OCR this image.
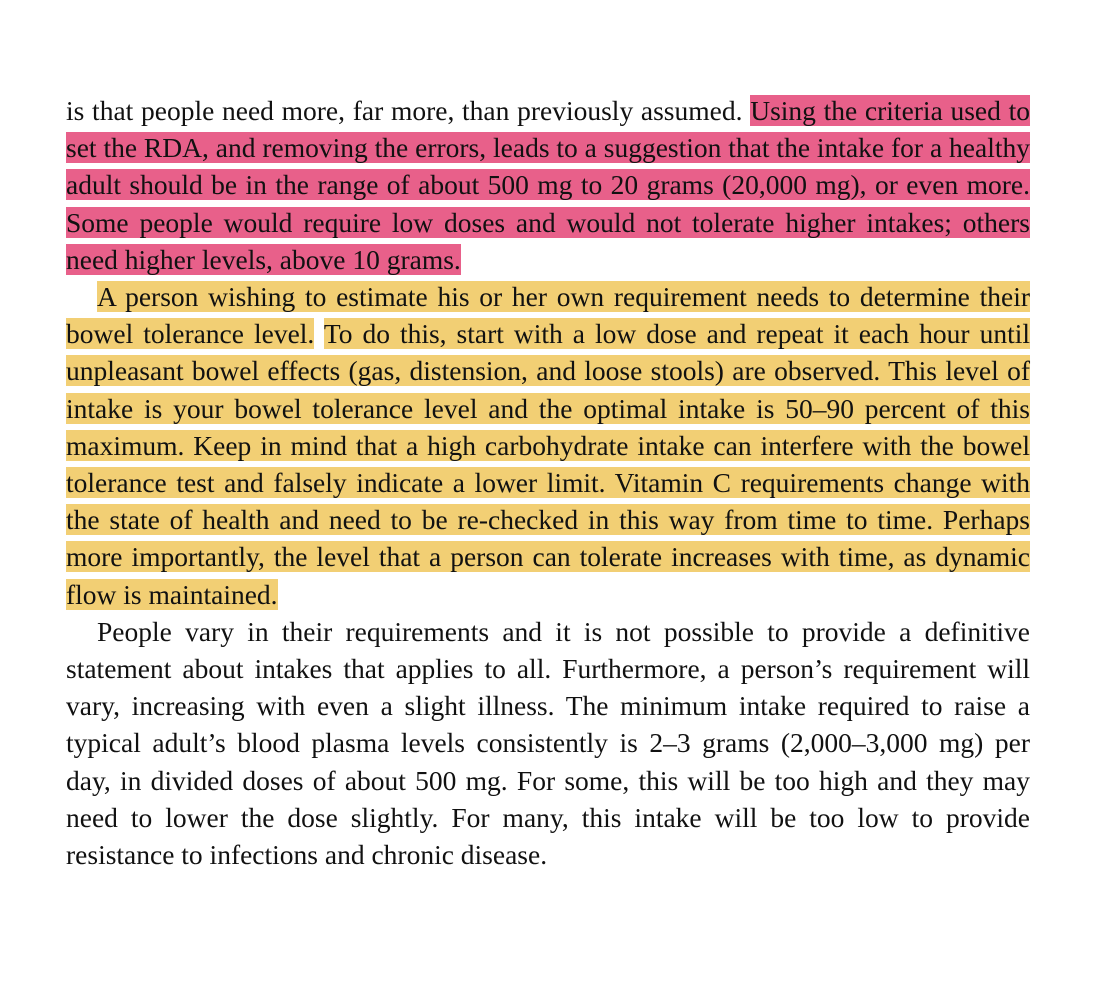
is that people need more, far more, than previously assumed. Using the criteria used to set the RDA, and removing the errors, leads to a suggestion that the intake for a healthy adult should be in the range of about 500 mg to 20 grams (20,000 mg), or even more. Some people would require low doses and would not tolerate higher intakes; others need higher levels, above 10 grams.

A person wishing to estimate his or her own requirement needs to determine their bowel tolerance level. To do this, start with a low dose and repeat it each hour until unpleasant bowel effects (gas, distension, and loose stools) are observed. This level of intake is your bowel tolerance level and the optimal intake is 50–90 percent of this maximum. Keep in mind that a high carbohydrate intake can interfere with the bowel tolerance test and falsely indicate a lower limit. Vitamin C requirements change with the state of health and need to be re-checked in this way from time to time. Perhaps more importantly, the level that a person can tolerate increases with time, as dynamic flow is maintained.

People vary in their requirements and it is not possible to provide a definitive statement about intakes that applies to all. Furthermore, a person’s requirement will vary, increasing with even a slight illness. The minimum intake required to raise a typical adult’s blood plasma levels consistently is 2–3 grams (2,000–3,000 mg) per day, in divided doses of about 500 mg. For some, this will be too high and they may need to lower the dose slightly. For many, this intake will be too low to provide resistance to infections and chronic disease.
